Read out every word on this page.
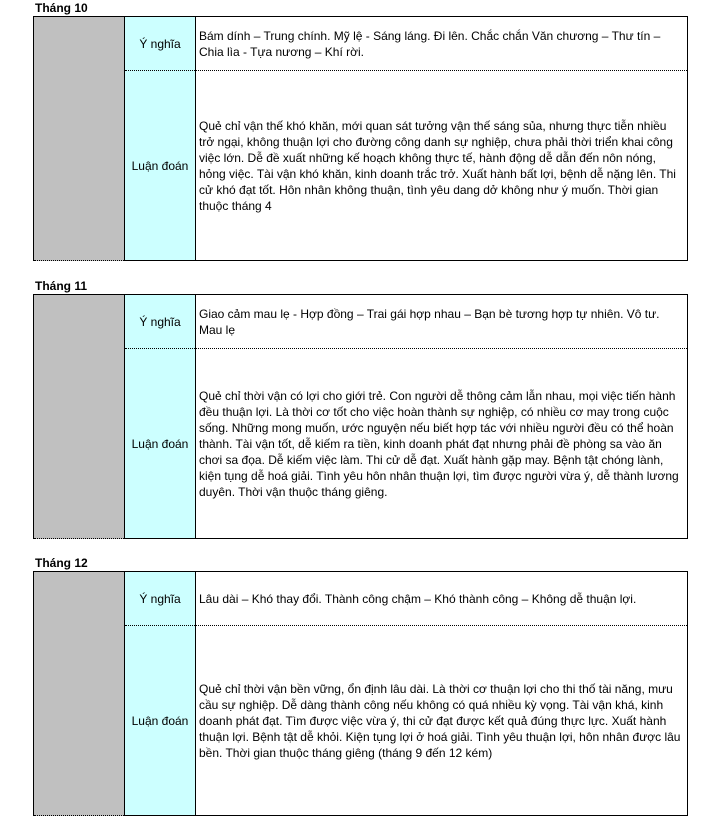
Tháng 10
	Ý nghĩa	Bám dính – Trung chính. Mỹ lệ - Sáng láng. Đi lên. Chắc chắn Văn chương – Thư tín – Chia lìa - Tựa nương – Khí rời.
	Luận đoán	Quẻ chỉ vận thế khó khăn, mới quan sát tưởng vận thế sáng sủa, nhưng thực tiễn nhiều trở ngại, không thuận lợi cho đường công danh sự nghiệp, chưa phải thời triển khai công việc lớn. Dễ đề xuất những kế hoạch không thực tế, hành động dễ dẫn đến nôn nóng, hỏng việc. Tài vận khó khăn, kinh doanh trắc trở. Xuất hành bất lợi, bệnh dễ nặng lên. Thi cử khó đạt tốt. Hôn nhân không thuận, tình yêu dang dở không như ý muốn. Thời gian thuộc tháng 4
Tháng 11
	Ý nghĩa	Giao cảm mau lẹ - Hợp đồng – Trai gái hợp nhau – Bạn bè tương hợp tự nhiên. Vô tư. Mau lẹ
	Luận đoán	Quẻ chỉ thời vận có lợi cho giới trẻ. Con người dễ thông cảm lẫn nhau, mọi việc tiến hành đều thuận lợi. Là thời cơ tốt cho việc hoàn thành sự nghiệp, có nhiều cơ may trong cuộc sống. Những mong muốn, ước nguyện nếu biết hợp tác với nhiều người đều có thể hoàn thành. Tài vận tốt, dễ kiếm ra tiền, kinh doanh phát đạt nhưng phải đề phòng sa vào ăn chơi sa đọa. Dễ kiếm việc làm. Thi cử dễ đạt. Xuất hành gặp may. Bệnh tật chóng lành, kiện tụng dễ hoá giải. Tình yêu hôn nhân thuận lợi, tìm được người vừa ý, dễ thành lương duyên. Thời vận thuộc tháng giêng.
Tháng 12
	Ý nghĩa	Lâu dài – Khó thay đổi. Thành công chậm – Khó thành công – Không dễ thuận lợi.
	Luận đoán	Quẻ chỉ thời vận bền vững, ổn định lâu dài. Là thời cơ thuận lợi cho thi thố tài năng, mưu cầu sự nghiệp. Dễ dàng thành công nếu không có quá nhiều kỳ vọng. Tài vận khá, kinh doanh phát đạt. Tìm được việc vừa ý, thi cử đạt được kết quả đúng thực lực. Xuất hành thuận lợi. Bệnh tật dễ khỏi. Kiện tụng lợi ở hoá giải. Tình yêu thuận lợi, hôn nhân được lâu bền. Thời gian thuộc tháng giêng (tháng 9 đến 12 kém)
